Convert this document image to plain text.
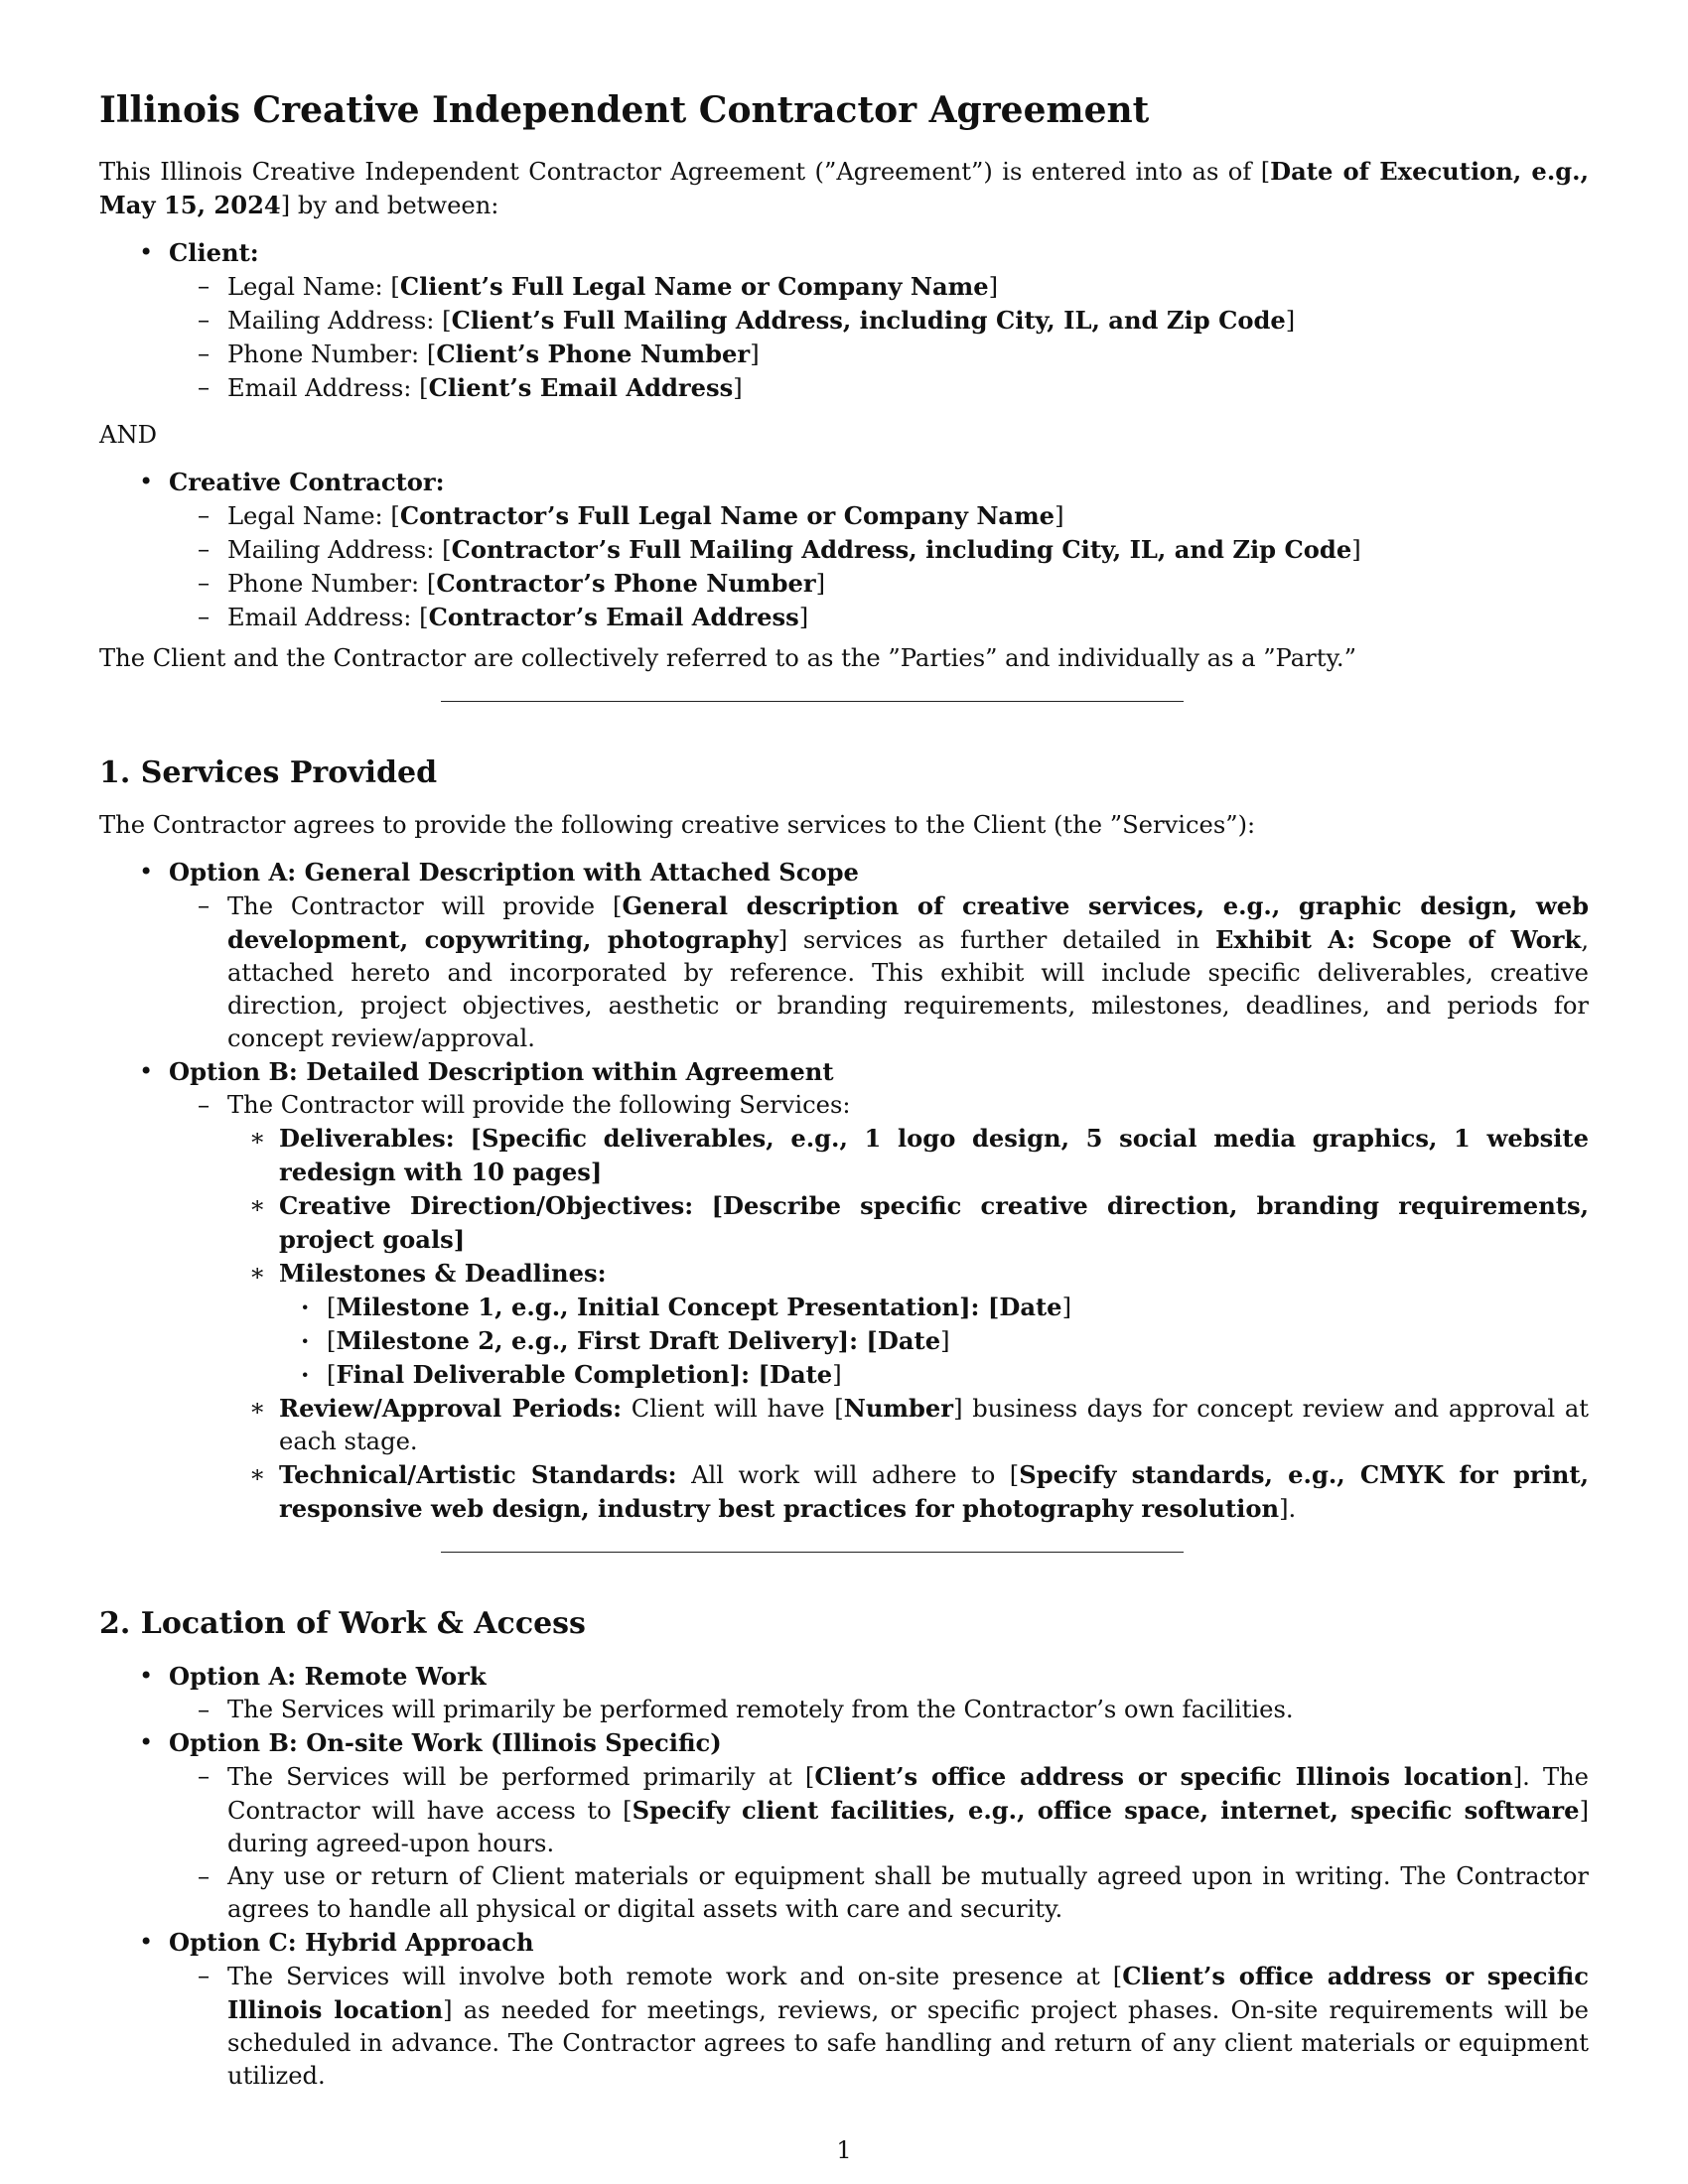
Illinois Creative Independent Contractor Agreement

This Illinois Creative Independent Contractor Agreement (”Agreement”) is entered into as of [Date of Execution, e.g., May 15, 2024] by and between:

• Client:
– Legal Name: [Client’s Full Legal Name or Company Name]
– Mailing Address: [Client’s Full Mailing Address, including City, IL, and Zip Code]
– Phone Number: [Client’s Phone Number]
– Email Address: [Client’s Email Address]

AND

• Creative Contractor:
– Legal Name: [Contractor’s Full Legal Name or Company Name]
– Mailing Address: [Contractor’s Full Mailing Address, including City, IL, and Zip Code]
– Phone Number: [Contractor’s Phone Number]
– Email Address: [Contractor’s Email Address]

The Client and the Contractor are collectively referred to as the ”Parties” and individually as a ”Party.”

1. Services Provided

The Contractor agrees to provide the following creative services to the Client (the ”Services”):

• Option A: General Description with Attached Scope
– The Contractor will provide [General description of creative services, e.g., graphic design, web development, copywriting, photography] services as further detailed in Exhibit A: Scope of Work, attached hereto and incorporated by reference. This exhibit will include specific deliverables, creative direction, project objectives, aesthetic or branding requirements, milestones, deadlines, and periods for concept review/approval.
• Option B: Detailed Description within Agreement
– The Contractor will provide the following Services:
∗ Deliverables: [Specific deliverables, e.g., 1 logo design, 5 social media graphics, 1 website redesign with 10 pages]
∗ Creative Direction/Objectives: [Describe specific creative direction, branding requirements, project goals]
∗ Milestones & Deadlines:
· [Milestone 1, e.g., Initial Concept Presentation]: [Date]
· [Milestone 2, e.g., First Draft Delivery]: [Date]
· [Final Deliverable Completion]: [Date]
∗ Review/Approval Periods: Client will have [Number] business days for concept review and approval at each stage.
∗ Technical/Artistic Standards: All work will adhere to [Specify standards, e.g., CMYK for print, responsive web design, industry best practices for photography resolution].
2. Location of Work & Access
• Option A: Remote Work
– The Services will primarily be performed remotely from the Contractor’s own facilities.
• Option B: On-site Work (Illinois Specific)
– The Services will be performed primarily at [Client’s office address or specific Illinois location]. The Contractor will have access to [Specify client facilities, e.g., office space, internet, specific software] during agreed-upon hours.
– Any use or return of Client materials or equipment shall be mutually agreed upon in writing. The Contractor agrees to handle all physical or digital assets with care and security.
• Option C: Hybrid Approach
– The Services will involve both remote work and on-site presence at [Client’s office address or specific Illinois location] as needed for meetings, reviews, or specific project phases. On-site requirements will be scheduled in advance. The Contractor agrees to safe handling and return of any client materials or equipment utilized.
1
